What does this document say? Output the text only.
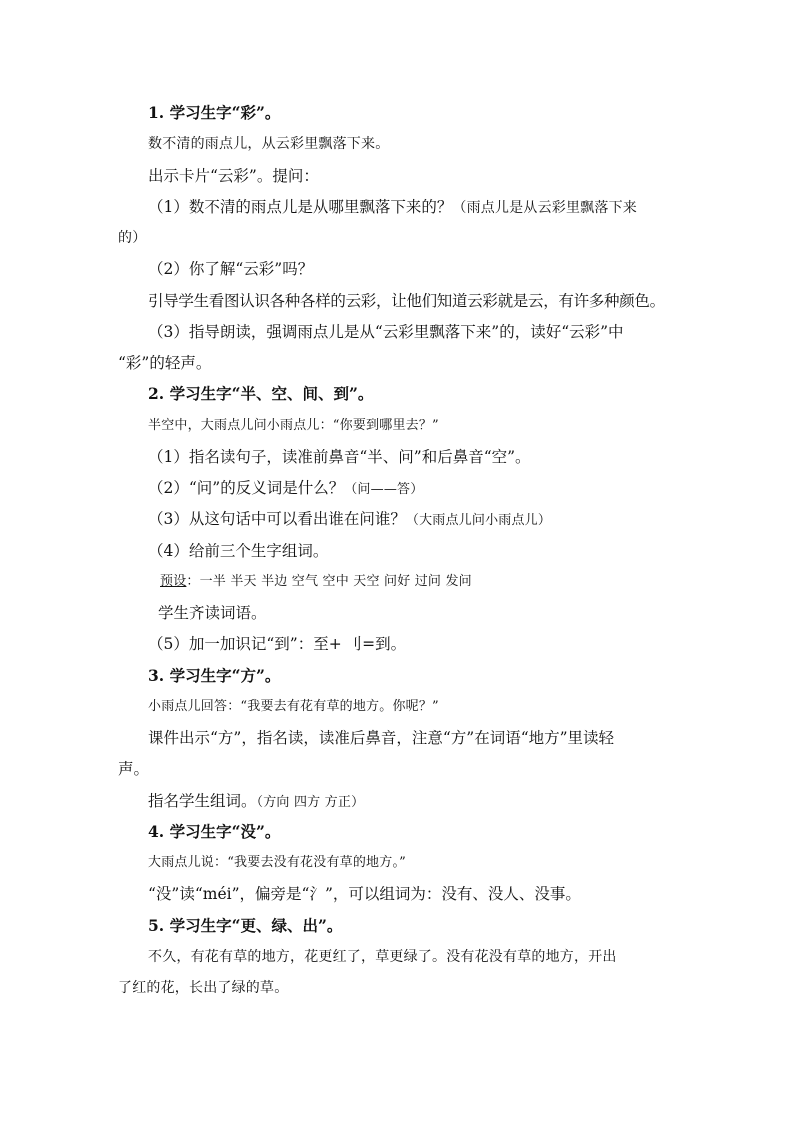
1. 学习生字“彩”。
数不清的雨点儿，从云彩里飘落下来。
出示卡片“云彩”。提问：
（1）数不清的雨点儿是从哪里飘落下来的？（雨点儿是从云彩里飘落下来
的）
（2）你了解“云彩”吗？
引导学生看图认识各种各样的云彩，让他们知道云彩就是云，有许多种颜色。
（3）指导朗读，强调雨点儿是从“云彩里飘落下来”的，读好“云彩”中
“彩”的轻声。
2. 学习生字“半、空、间、到”。
半空中，大雨点儿问小雨点儿：“你要到哪里去？”
（1）指名读句子，读准前鼻音“半、问”和后鼻音“空”。
（2）“问”的反义词是什么？（问——答）
（3）从这句话中可以看出谁在问谁？（大雨点儿问小雨点儿）
（4）给前三个生字组词。
预设：一半 半天 半边 空气 空中 天空 问好 过问 发问
学生齐读词语。
（5）加一加识记“到”：至+ 刂=到。
3. 学习生字“方”。
小雨点儿回答：“我要去有花有草的地方。你呢？”
课件出示“方”，指名读，读准后鼻音，注意“方”在词语“地方”里读轻
声。
指名学生组词。（方向 四方 方正）
4. 学习生字“没”。
大雨点儿说：“我要去没有花没有草的地方。”
“没”读“méi”，偏旁是“氵”，可以组词为：没有、没人、没事。
5. 学习生字“更、绿、出”。
不久，有花有草的地方，花更红了，草更绿了。没有花没有草的地方，开出
了红的花，长出了绿的草。
